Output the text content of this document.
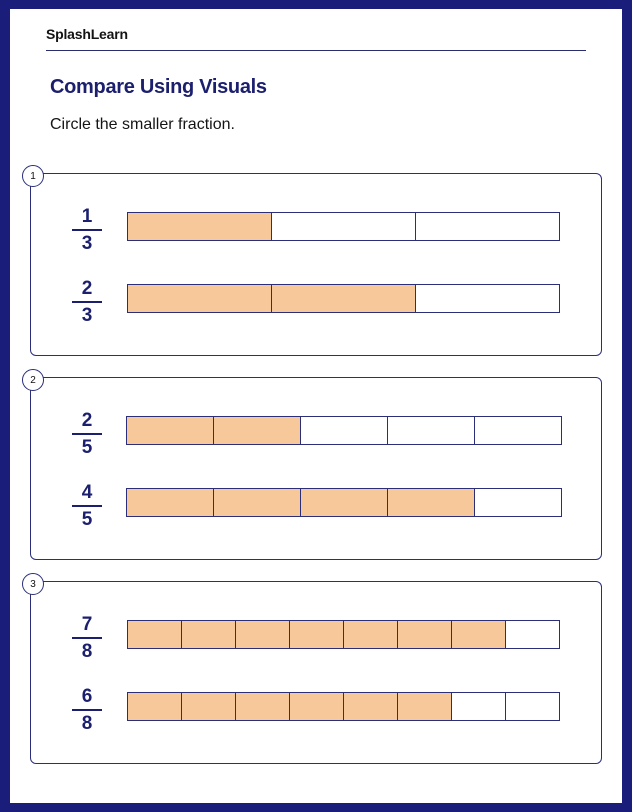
SplashLearn
Compare Using Visuals
Circle the smaller fraction.
1
1
3
2
3
2
2
5
4
5
3
7
8
6
8
